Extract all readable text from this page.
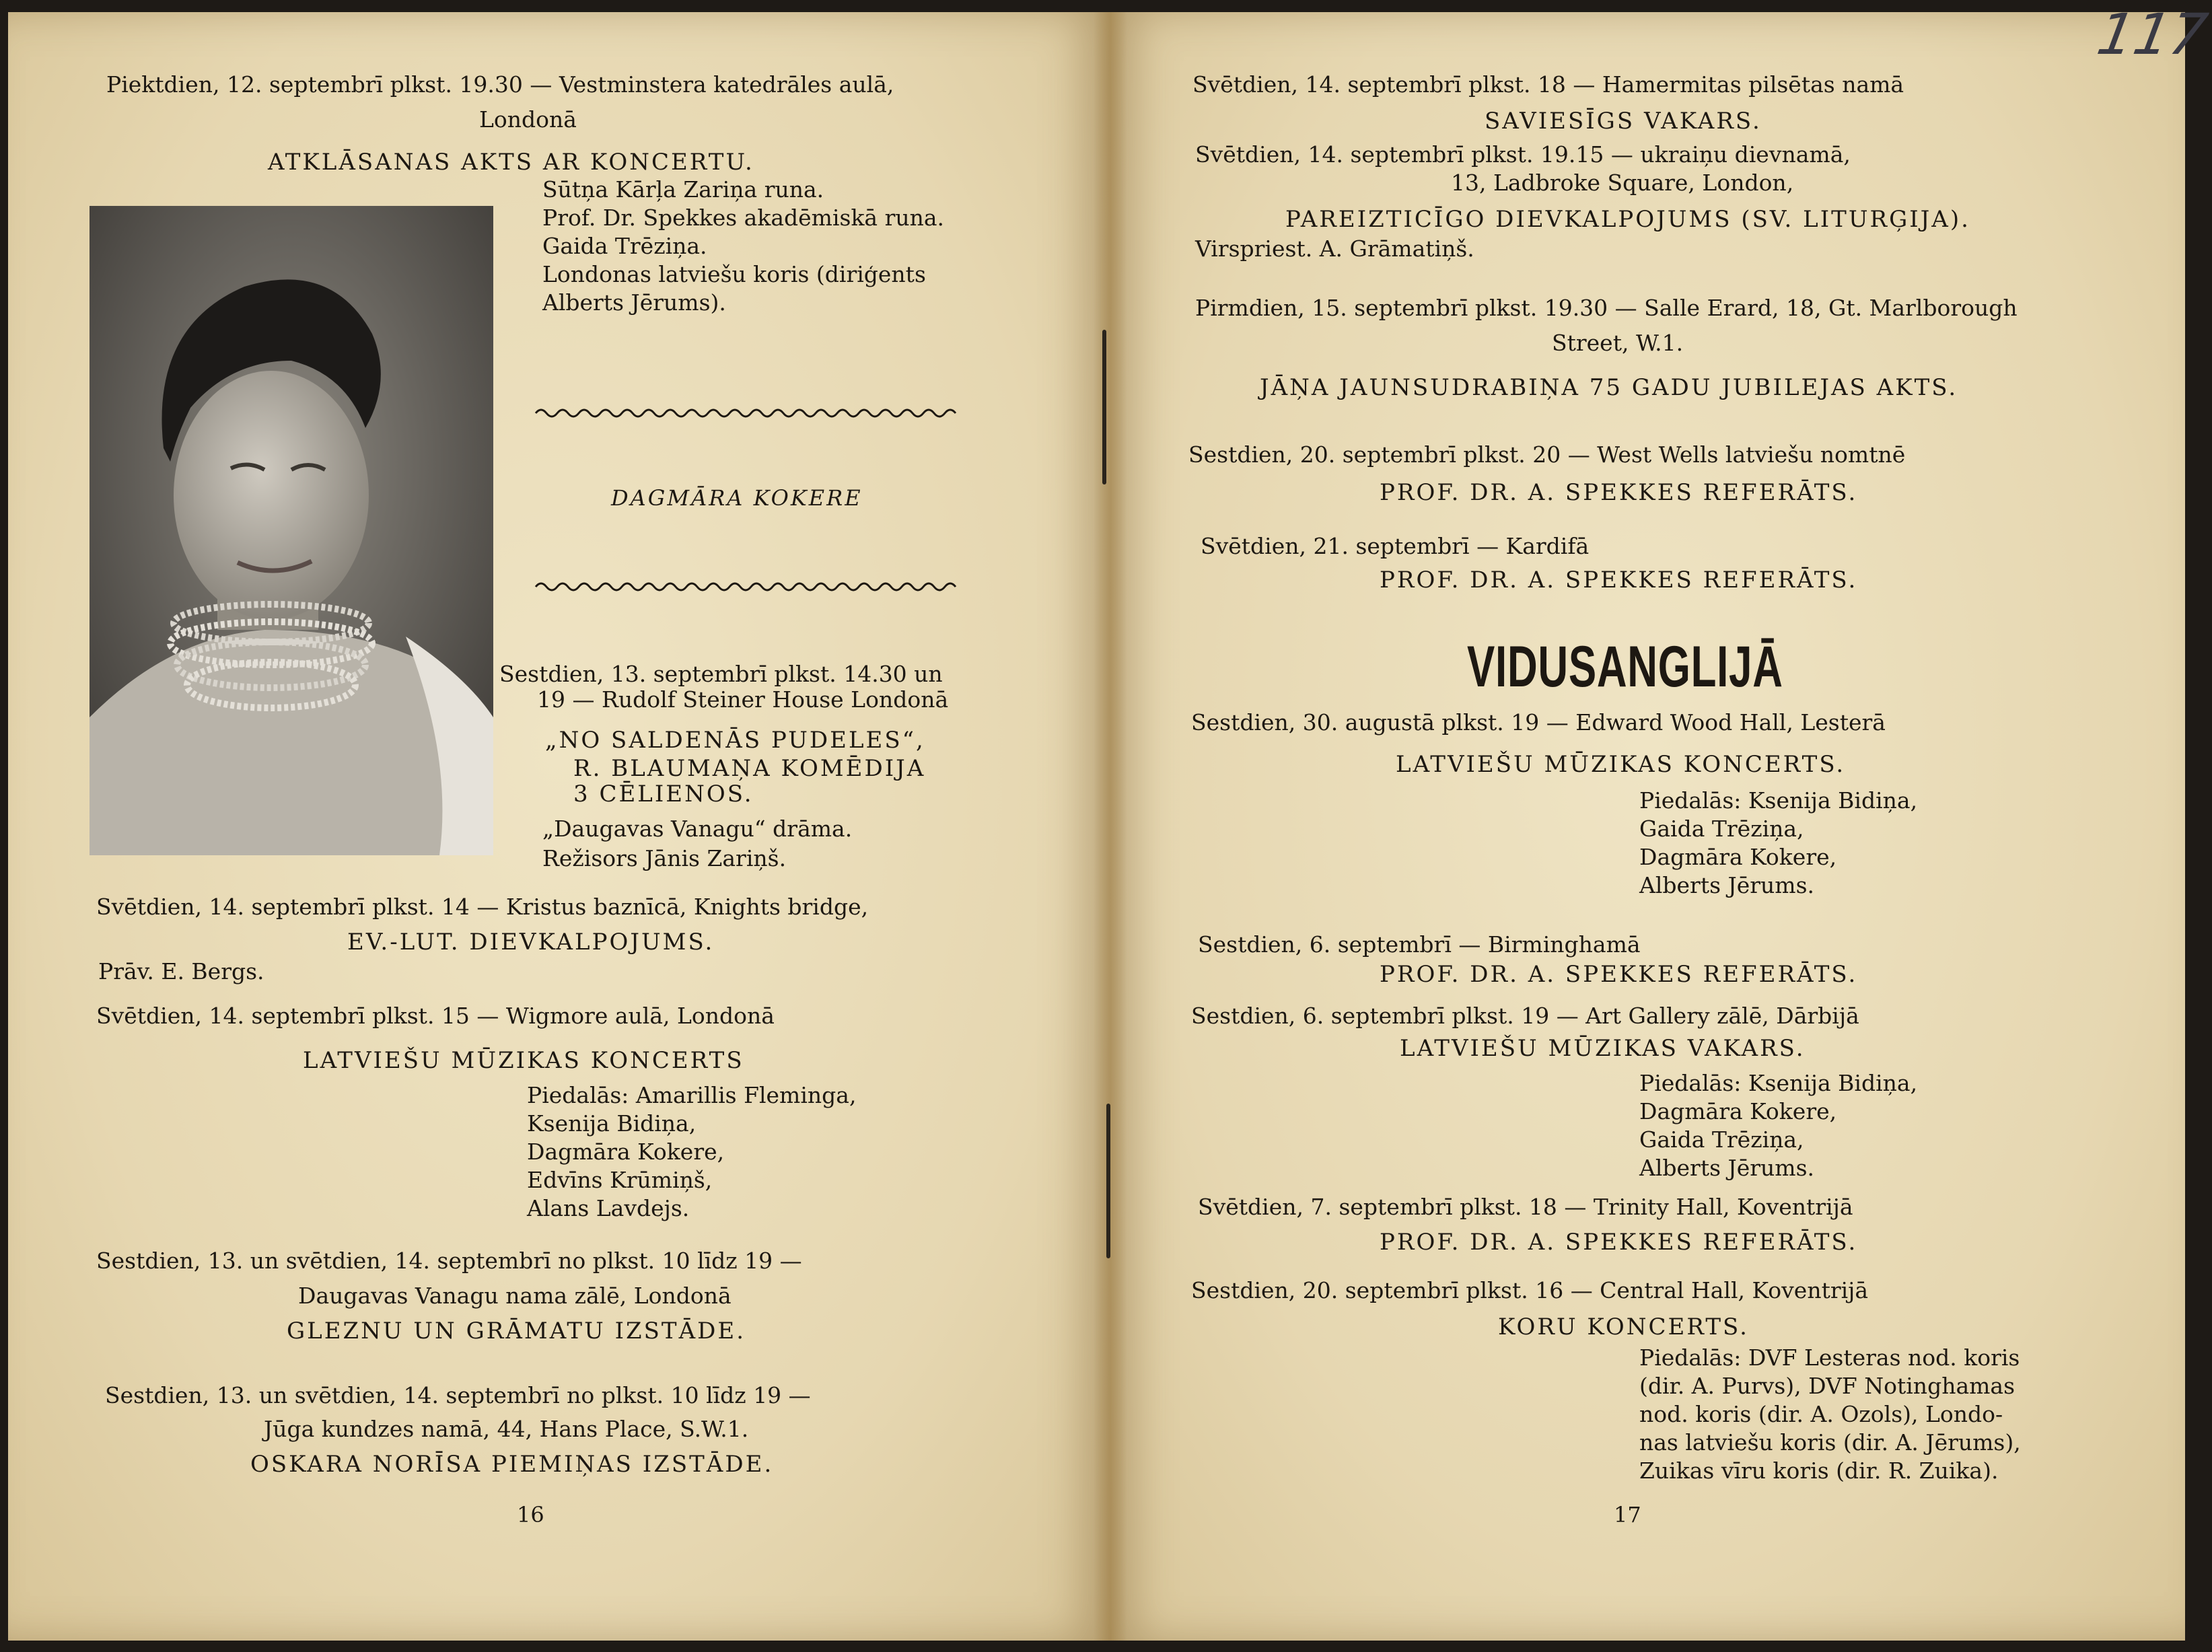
Piektdien, 12. septembrī plkst. 19.30 — Vestminstera katedrāles aulā,
Londonā
ATKLĀSANAS AKTS AR KONCERTU.
Sūtņa Kārļa Zariņa runa.
Prof. Dr. Spekkes akadēmiskā runa.
Gaida Trēziņa.
Londonas latviešu koris (diriģents
Alberts Jērums).
DAGMĀRA KOKERE
Sestdien, 13. septembrī plkst. 14.30 un
19 — Rudolf Steiner House Londonā
„NO SALDENĀS PUDELES“,
R. BLAUMAŅA KOMĒDIJA
3 CĒLIENOS.
„Daugavas Vanagu“ drāma.
Režisors Jānis Zariņš.
Svētdien, 14. septembrī plkst. 14 — Kristus baznīcā, Knights bridge,
EV.-LUT. DIEVKALPOJUMS.
Prāv. E. Bergs.
Svētdien, 14. septembrī plkst. 15 — Wigmore aulā, Londonā
LATVIEŠU MŪZIKAS KONCERTS
Piedalās: Amarillis Fleminga,
Ksenija Bidiņa,
Dagmāra Kokere,
Edvīns Krūmiņš,
Alans Lavdejs.
Sestdien, 13. un svētdien, 14. septembrī no plkst. 10 līdz 19 —
Daugavas Vanagu nama zālē, Londonā
GLEZNU UN GRĀMATU IZSTĀDE.
Sestdien, 13. un svētdien, 14. septembrī no plkst. 10 līdz 19 —
Jūga kundzes namā, 44, Hans Place, S.W.1.
OSKARA NORĪSA PIEMIŅAS IZSTĀDE.
16
117
Svētdien, 14. septembrī plkst. 18 — Hamermitas pilsētas namā
SAVIESĪGS VAKARS.
Svētdien, 14. septembrī plkst. 19.15 — ukraiņu dievnamā,
13, Ladbroke Square, London,
PAREIZTICĪGO DIEVKALPOJUMS (SV. LITURĢIJA).
Virspriest. A. Grāmatiņš.
Pirmdien, 15. septembrī plkst. 19.30 — Salle Erard, 18, Gt. Marlborough
Street, W.1.
JĀŅA JAUNSUDRABIŅA 75 GADU JUBILEJAS AKTS.
Sestdien, 20. septembrī plkst. 20 — West Wells latviešu nomtnē
PROF. DR. A. SPEKKES REFERĀTS.
Svētdien, 21. septembrī — Kardifā
PROF. DR. A. SPEKKES REFERĀTS.
VIDUSANGLIJĀ
Sestdien, 30. augustā plkst. 19 — Edward Wood Hall, Lesterā
LATVIEŠU MŪZIKAS KONCERTS.
Piedalās: Ksenija Bidiņa,
Gaida Trēziņa,
Dagmāra Kokere,
Alberts Jērums.
Sestdien, 6. septembrī — Birminghamā
PROF. DR. A. SPEKKES REFERĀTS.
Sestdien, 6. septembrī plkst. 19 — Art Gallery zālē, Dārbijā
LATVIEŠU MŪZIKAS VAKARS.
Piedalās: Ksenija Bidiņa,
Dagmāra Kokere,
Gaida Trēziņa,
Alberts Jērums.
Svētdien, 7. septembrī plkst. 18 — Trinity Hall, Koventrijā
PROF. DR. A. SPEKKES REFERĀTS.
Sestdien, 20. septembrī plkst. 16 — Central Hall, Koventrijā
KORU KONCERTS.
Piedalās: DVF Lesteras nod. koris
(dir. A. Purvs), DVF Notinghamas
nod. koris (dir. A. Ozols), Londo-
nas latviešu koris (dir. A. Jērums),
Zuikas vīru koris (dir. R. Zuika).
17
